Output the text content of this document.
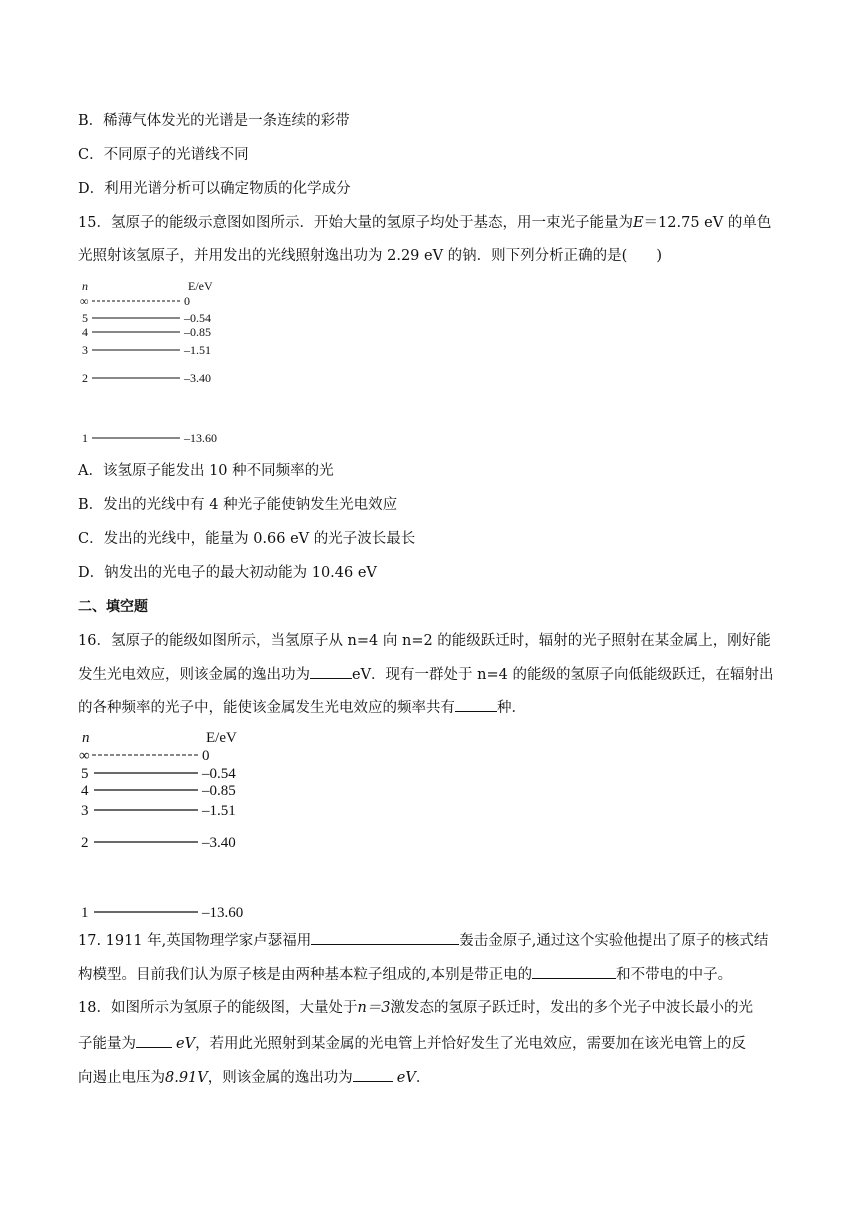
B．稀薄气体发光的光谱是一条连续的彩带
C．不同原子的光谱线不同
D．利用光谱分析可以确定物质的化学成分
15．氢原子的能级示意图如图所示．开始大量的氢原子均处于基态，用一束光子能量为E＝12.75 eV 的单色
光照射该氢原子，并用发出的光线照射逸出功为 2.29 eV 的钠．则下列分析正确的是(　　)
n	E/eV
∞	0
5	–0.54
4	–0.85
3	–1.51
2	–3.40
1	–13.60
A．该氢原子能发出 10 种不同频率的光
B．发出的光线中有 4 种光子能使钠发生光电效应
C．发出的光线中，能量为 0.66 eV 的光子波长最长
D．钠发出的光电子的最大初动能为 10.46 eV
二、填空题
16．氢原子的能级如图所示，当氢原子从 n=4 向 n=2 的能级跃迁时，辐射的光子照射在某金属上，刚好能
发生光电效应，则该金属的逸出功为	eV．现有一群处于 n=4 的能级的氢原子向低能级跃迁，在辐射出
的各种频率的光子中，能使该金属发生光电效应的频率共有	种．
n	E/eV
∞	0
5	–0.54
4	–0.85
3	–1.51
2	–3.40
1	–13.60
17. 1911 年,英国物理学家卢瑟福用	轰击金原子,通过这个实验他提出了原子的核式结
构模型。目前我们认为原子核是由两种基本粒子组成的,本别是带正电的	和不带电的中子。
18．如图所示为氢原子的能级图，大量处于n＝3激发态的氢原子跃迁时，发出的多个光子中波长最小的光
子能量为	eV，若用此光照射到某金属的光电管上并恰好发生了光电效应，需要加在该光电管上的反
向遏止电压为8.91V，则该金属的逸出功为	eV．
